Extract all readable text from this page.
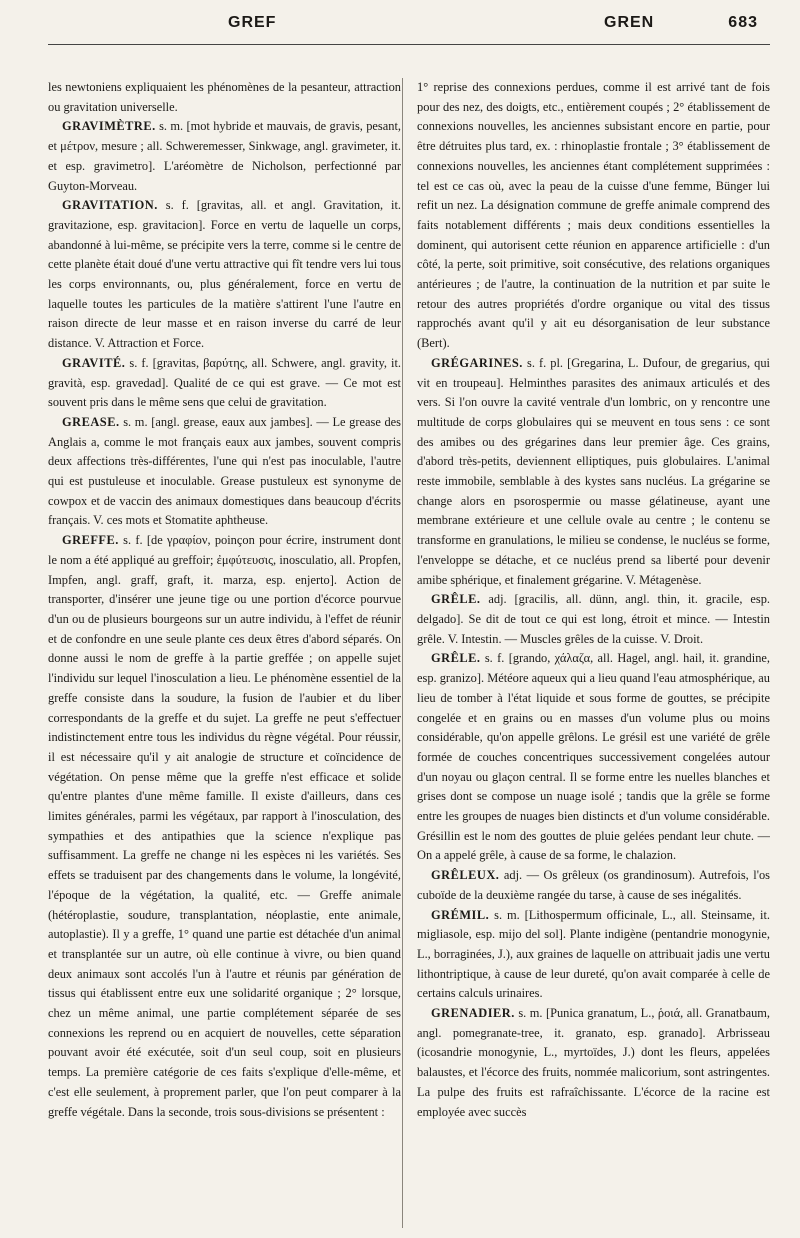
GREF	GREN	683

les newtoniens expliquaient les phénomènes de la pesanteur, attraction ou gravitation universelle.

GRAVIMÈTRE. s. m. [mot hybride et mauvais, de gravis, pesant, et μέτρον, mesure ; all. Schweremesser, Sinkwage, angl. gravimeter, it. et esp. gravimetro]. L'aréomètre de Nicholson, perfectionné par Guyton-Morveau.

GRAVITATION. s. f. [gravitas, all. et angl. Gravitation, it. gravitazione, esp. gravitacion]. Force en vertu de laquelle un corps, abandonné à lui-même, se précipite vers la terre, comme si le centre de cette planète était doué d'une vertu attractive qui fît tendre vers lui tous les corps environnants, ou, plus généralement, force en vertu de laquelle toutes les particules de la matière s'attirent l'une l'autre en raison directe de leur masse et en raison inverse du carré de leur distance. V. Attraction et Force.

GRAVITÉ. s. f. [gravitas, βαρύτης, all. Schwere, angl. gravity, it. gravità, esp. gravedad]. Qualité de ce qui est grave. — Ce mot est souvent pris dans le même sens que celui de gravitation.

GREASE. s. m. [angl. grease, eaux aux jambes]. — Le grease des Anglais a, comme le mot français eaux aux jambes, souvent compris deux affections très-différentes, l'une qui n'est pas inoculable, l'autre qui est pustuleuse et inoculable. Grease pustuleux est synonyme de cowpox et de vaccin des animaux domestiques dans beaucoup d'écrits français. V. ces mots et Stomatite aphtheuse.

GREFFE. s. f. [de γραφίον, poinçon pour écrire, instrument dont le nom a été appliqué au greffoir; ἐμφύτευσις, inosculatio, all. Propfen, Impfen, angl. graff, graft, it. marza, esp. enjerto]. Action de transporter, d'insérer une jeune tige ou une portion d'écorce pourvue d'un ou de plusieurs bourgeons sur un autre individu, à l'effet de réunir et de confondre en une seule plante ces deux êtres d'abord séparés. On donne aussi le nom de greffe à la partie greffée ; on appelle sujet l'individu sur lequel l'inosculation a lieu. Le phénomène essentiel de la greffe consiste dans la soudure, la fusion de l'aubier et du liber correspondants de la greffe et du sujet. La greffe ne peut s'effectuer indistinctement entre tous les individus du règne végétal. Pour réussir, il est nécessaire qu'il y ait analogie de structure et coïncidence de végétation. On pense même que la greffe n'est efficace et solide qu'entre plantes d'une même famille. Il existe d'ailleurs, dans ces limites générales, parmi les végétaux, par rapport à l'inosculation, des sympathies et des antipathies que la science n'explique pas suffisamment. La greffe ne change ni les espèces ni les variétés. Ses effets se traduisent par des changements dans le volume, la longévité, l'époque de la végétation, la qualité, etc. — Greffe animale (hétéroplastie, soudure, transplantation, néoplastie, ente animale, autoplastie). Il y a greffe, 1° quand une partie est détachée d'un animal et transplantée sur un autre, où elle continue à vivre, ou bien quand deux animaux sont accolés l'un à l'autre et réunis par génération de tissus qui établissent entre eux une solidarité organique ; 2° lorsque, chez un même animal, une partie complétement séparée de ses connexions les reprend ou en acquiert de nouvelles, cette séparation pouvant avoir été exécutée, soit d'un seul coup, soit en plusieurs temps. La première catégorie de ces faits s'explique d'elle-même, et c'est elle seulement, à proprement parler, que l'on peut comparer à la greffe végétale. Dans la seconde, trois sous-divisions se présentent :

1° reprise des connexions perdues, comme il est arrivé tant de fois pour des nez, des doigts, etc., entièrement coupés ; 2° établissement de connexions nouvelles, les anciennes subsistant encore en partie, pour être détruites plus tard, ex. : rhinoplastie frontale ; 3° établissement de connexions nouvelles, les anciennes étant complétement supprimées : tel est ce cas où, avec la peau de la cuisse d'une femme, Bünger lui refit un nez. La désignation commune de greffe animale comprend des faits notablement différents ; mais deux conditions essentielles la dominent, qui autorisent cette réunion en apparence artificielle : d'un côté, la perte, soit primitive, soit consécutive, des relations organiques antérieures ; de l'autre, la continuation de la nutrition et par suite le retour des autres propriétés d'ordre organique ou vital des tissus rapprochés avant qu'il y ait eu désorganisation de leur substance (Bert).

GRÉGARINES. s. f. pl. [Gregarina, L. Dufour, de gregarius, qui vit en troupeau]. Helminthes parasites des animaux articulés et des vers. Si l'on ouvre la cavité ventrale d'un lombric, on y rencontre une multitude de corps globulaires qui se meuvent en tous sens : ce sont des amibes ou des grégarines dans leur premier âge. Ces grains, d'abord très-petits, deviennent elliptiques, puis globulaires. L'animal reste immobile, semblable à des kystes sans nucléus. La grégarine se change alors en psorospermie ou masse gélatineuse, ayant une membrane extérieure et une cellule ovale au centre ; le contenu se transforme en granulations, le milieu se condense, le nucléus se forme, l'enveloppe se détache, et ce nucléus prend sa liberté pour devenir amibe sphérique, et finalement grégarine. V. Métagenèse.

GRÊLE. adj. [gracilis, all. dünn, angl. thin, it. gracile, esp. delgado]. Se dit de tout ce qui est long, étroit et mince. — Intestin grêle. V. Intestin. — Muscles grêles de la cuisse. V. Droit.

GRÊLE. s. f. [grando, χάλαζα, all. Hagel, angl. hail, it. grandine, esp. granizo]. Météore aqueux qui a lieu quand l'eau atmosphérique, au lieu de tomber à l'état liquide et sous forme de gouttes, se précipite congelée et en grains ou en masses d'un volume plus ou moins considérable, qu'on appelle grêlons. Le grésil est une variété de grêle formée de couches concentriques successivement congelées autour d'un noyau ou glaçon central. Il se forme entre les nuelles blanches et grises dont se compose un nuage isolé ; tandis que la grêle se forme entre les groupes de nuages bien distincts et d'un volume considérable. Grésillin est le nom des gouttes de pluie gelées pendant leur chute. — On a appelé grêle, à cause de sa forme, le chalazion.

GRÊLEUX. adj. — Os grêleux (os grandinosum). Autrefois, l'os cuboïde de la deuxième rangée du tarse, à cause de ses inégalités.

GRÉMIL. s. m. [Lithospermum officinale, L., all. Steinsame, it. migliasole, esp. mijo del sol]. Plante indigène (pentandrie monogynie, L., borraginées, J.), aux graines de laquelle on attribuait jadis une vertu lithontriptique, à cause de leur dureté, qu'on avait comparée à celle de certains calculs urinaires.

GRENADIER. s. m. [Punica granatum, L., ῥοιά, all. Granatbaum, angl. pomegranate-tree, it. granato, esp. granado]. Arbrisseau (icosandrie monogynie, L., myrtoïdes, J.) dont les fleurs, appelées balaustes, et l'écorce des fruits, nommée malicorium, sont astringentes. La pulpe des fruits est rafraîchissante. L'écorce de la racine est employée avec succès
